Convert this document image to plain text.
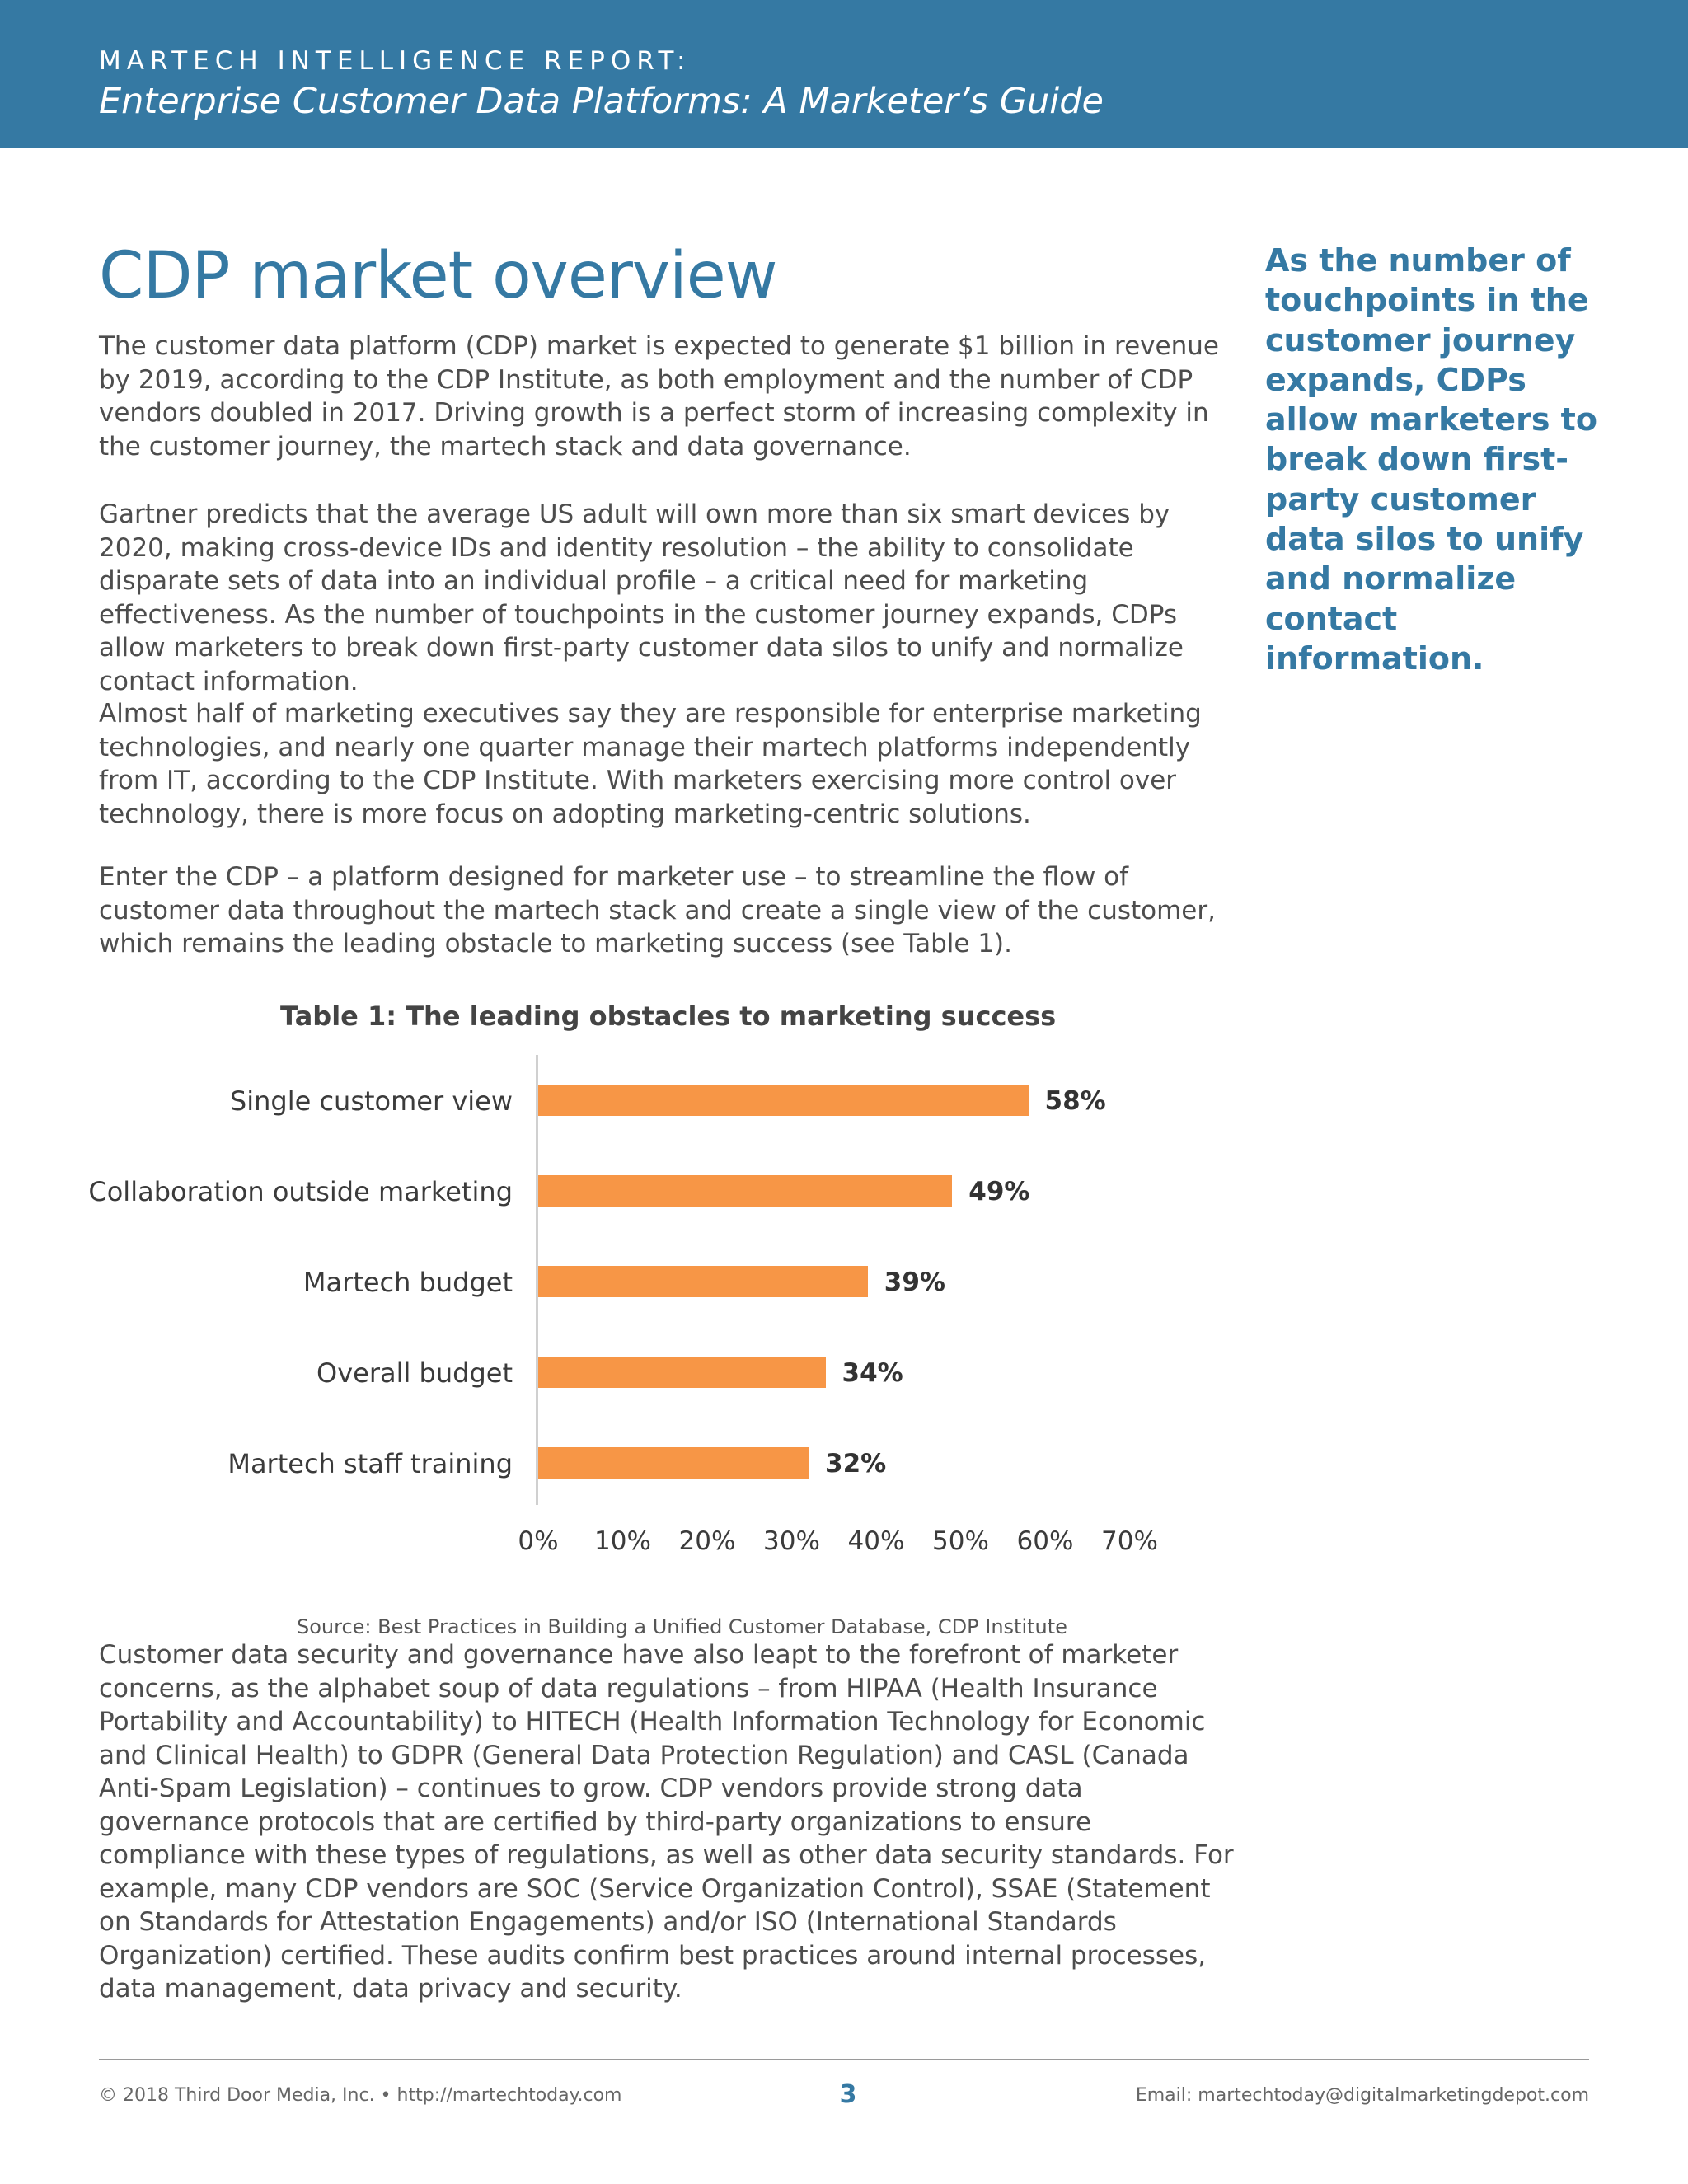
MARTECH INTELLIGENCE REPORT:
Enterprise Customer Data Platforms: A Marketer’s Guide
CDP market overview

The customer data platform (CDP) market is expected to generate $1 billion in revenue by 2019, according to the CDP Institute, as both employment and the number of CDP vendors doubled in 2017. Driving growth is a perfect storm of increasing complexity in the customer journey, the martech stack and data governance.

Gartner predicts that the average US adult will own more than six smart devices by 2020, making cross-device IDs and identity resolution – the ability to consolidate disparate sets of data into an individual profile – a critical need for marketing effectiveness. As the number of touchpoints in the customer journey expands, CDPs allow marketers to break down first-party customer data silos to unify and normalize contact information.

Almost half of marketing executives say they are responsible for enterprise marketing technologies, and nearly one quarter manage their martech platforms independently from IT, according to the CDP Institute. With marketers exercising more control over technology, there is more focus on adopting marketing-centric solutions.

Enter the CDP – a platform designed for marketer use – to streamline the flow of customer data throughout the martech stack and create a single view of the customer, which remains the leading obstacle to marketing success (see Table 1).

As the number of touchpoints in the customer journey expands, CDPs allow marketers to break down first-party customer data silos to unify and normalize contact information.
Table 1: The leading obstacles to marketing success
Single customer view	58%
Collaboration outside marketing	49%
Martech budget	39%
Overall budget	34%
Martech staff training	32%
0%	10%	20%	30%	40%	50%	60%	70%
Source: Best Practices in Building a Unified Customer Database, CDP Institute

Customer data security and governance have also leapt to the forefront of marketer concerns, as the alphabet soup of data regulations – from HIPAA (Health Insurance Portability and Accountability) to HITECH (Health Information Technology for Economic and Clinical Health) to GDPR (General Data Protection Regulation) and CASL (Canada Anti-Spam Legislation) – continues to grow. CDP vendors provide strong data governance protocols that are certified by third-party organizations to ensure compliance with these types of regulations, as well as other data security standards. For example, many CDP vendors are SOC (Service Organization Control), SSAE (Statement on Standards for Attestation Engagements) and/or ISO (International Standards Organization) certified. These audits confirm best practices around internal processes, data management, data privacy and security.

© 2018 Third Door Media, Inc. • http://martechtoday.com	3	Email: martechtoday@digitalmarketingdepot.com
